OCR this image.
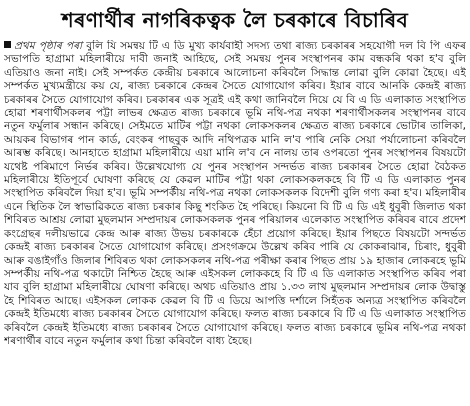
শৰণাৰ্থীৰ নাগৰিকত্বক লৈ চৰকাৰে বিচাৰিব

প্ৰথম পৃষ্ঠাৰ পৰা বুলি যি সমন্বয় টি এ ডি মুখ্য কাৰ্যবাহী সদস্য তথা ৰাজ্য চৰকাৰৰ সহযোগী দল বি পি এফৰ সভাপতি হাগ্ৰামা মহিলাৰীয়ে দাবী জনাই আহিছে, সেই সমন্বয় পুনৰ সংস্থাপনৰ কাম বন্ধকৰি থকা হ'ব বুলি এতিয়াও জনা নাই। সেই সম্পৰ্কত কেন্দ্ৰীয় চৰকাৰে আলোচনা কৰিবলৈ সিদ্ধান্ত লোৱা বুলি কোৱা হৈছে। এই সম্পৰ্কত মুখ্যমন্ত্ৰীয়ে কয় যে, ৰাজ্য চৰকাৰে কেন্দ্ৰৰ সৈতে যোগাযোগ কৰিব। ইয়াৰ বাবে আনকি কেন্দ্ৰই ৰাজ্য চৰকাৰৰ সৈতে যোগাযোগ কৰিব। চৰকাৰৰ এক সূত্ৰই এই কথা জানিবলৈ দিয়ে যে বি এ ডি এলাকাত সংস্থাপিত হোৱা শৰণাৰ্থীসকলৰ পট্টা লাভৰ ক্ষেত্ৰত ৰাজ্য চৰকাৰে ভূমি নথি-পত্ৰ নথকা শৰণাৰ্থীসকলৰ সংস্থাপনৰ বাবে নতুন ফৰ্মুলাৰ সন্ধান কৰিছে। সেইমতে মাটিৰ পট্টা নথকা লোকসকলৰ ক্ষেত্ৰত ৰাজ্য চৰকাৰে ভোটাৰ তালিকা, আয়কৰ বিভাগৰ পান কাৰ্ড, বেংকৰ পাছবুক আদি নথিপত্ৰক মানি ল'ব পাৰি নেকি সেয়া পৰ্যালোচনা কৰিবলৈ আৰম্ভ কৰিছে। আনহাতে হাগ্ৰামা মহিলাৰীয়ে এয়া মানি ল'ব নে নালয় তাৰ ওপৰতো পুনৰ সংস্থাপনৰ বিষয়টো যথেষ্ট পৰিমাণে নিৰ্ভৰ কৰিব। উল্লেখযোগ্য যে পুনৰ সংস্থাপন সন্দৰ্ভত ৰাজ্য চৰকাৰৰ সৈতে হোৱা বৈঠকত মহিলাৰীয়ে ইতিপূৰ্বে ঘোষণা কৰিছে যে কেৱল মাটিৰ পট্টা থকা লোকসকলকহে বি টি এ ডি এলাকাত পুনৰ সংস্থাপিত কৰিবলৈ দিয়া হ'ব। ভূমি সম্পৰ্কীয় নথি-পত্ৰ নথকা লোকসকলক বিদেশী বুলি গণ্য কৰা হ'ব। মহিলাৰীৰ এনে স্থিতিক লৈ স্বাভাৱিকতে ৰাজ্য চৰকাৰ কিছু শংকিত হৈ পৰিছে। কিয়নো বি টি এ ডি এই ধুবুৰী জিলাত থকা শিবিৰত আশ্ৰয় লোৱা মুছলমান সম্প্ৰদায়ৰ লোকসকলক পুনৰ পৰিয়ালৰ এলেকাত সংস্থাপিত কৰিবৰ বাবে প্ৰদেশ কংগ্ৰেছৰ দলীয়ভাৱে কেন্দ্ৰ আৰু ৰাজ্য উভয় চৰকাৰকে হেঁচা প্ৰয়োগ কৰিছে। ইয়াৰ পিছতে বিষয়টো সন্দৰ্ভত কেন্দ্ৰই ৰাজ্য চৰকাৰৰ সৈতে যোগাযোগ কৰিছে। প্ৰসংগক্ৰমে উল্লেখ কৰিব পাৰি যে কোকৰাঝাৰ, চিৰাং, ধুবুৰী আৰু বঙাইগাঁও জিলাৰ শিবিৰত থকা লোকসকলৰ নথি-পত্ৰ পৰীক্ষা কৰাৰ পিছত প্ৰায় ১৯ হাজাৰ লোকৰহে ভূমি সম্পৰ্কীয় নথি-পত্ৰ থকাটো নিশ্চিত হৈছে আৰু এইসকল লোককহে বি টি এ ডি এলাকাত সংস্থাপিত কৰিব পৰা যাব বুলি হাগ্ৰামা মহিলাৰীয়ে ঘোষণা কৰিছে। অথচ এতিয়াও প্ৰায় ১.৩৩ লাখ মুছলমান সম্প্ৰদায়ৰ লোক উদ্বাস্তু হৈ শিবিৰত আছে। এইসকল লোকক কেৱল বি টি এ ডিয়ে আপত্তি দৰ্শালে সিহঁতক অন্যত্ৰ সংস্থাপিত কৰিবলৈ কেন্দ্ৰই ইতিমধ্যে ৰাজ্য চৰকাৰৰ সৈতে যোগাযোগ কৰিছে। ফলত ৰাজ্য চৰকাৰে বি টি এ ডি এলাকাত সংস্থাপিত কৰিবলৈ কেন্দ্ৰই ইতিমধ্যে ৰাজ্য চৰকাৰৰ সৈতে যোগাযোগ কৰিছে। ফলত ৰাজ্য চৰকাৰে ভূমিৰ নথি-পত্ৰ নথকা শৰণাৰ্থীৰ বাবে নতুন ফৰ্মুলাৰ কথা চিন্তা কৰিবলৈ বাধ্য হৈছে।
